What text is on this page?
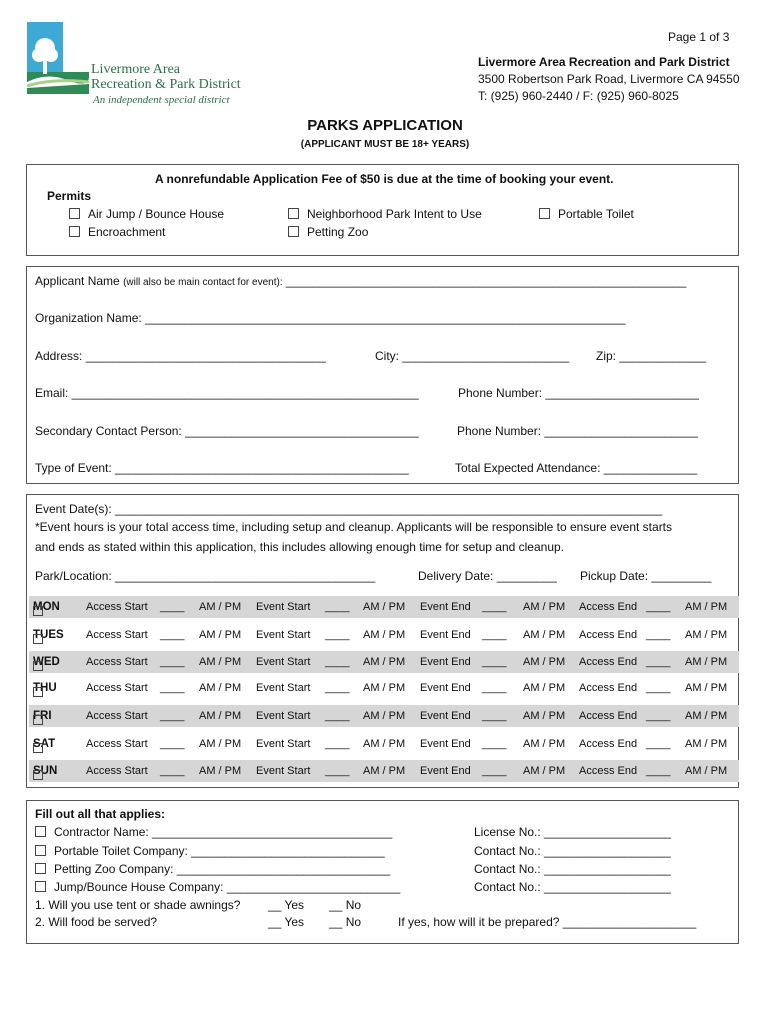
Page 1 of 3
Livermore Area
Recreation & Park District
An independent special district
Livermore Area Recreation and Park District
3500 Robertson Park Road, Livermore CA 94550
T: (925) 960-2440 / F: (925) 960-8025
PARKS APPLICATION
(APPLICANT MUST BE 18+ YEARS)
A nonrefundable Application Fee of $50 is due at the time of booking your event.
Permits
Air Jump / Bounce House
Encroachment
Neighborhood Park Intent to Use
Petting Zoo
Portable Toilet
Applicant Name (will also be main contact for event): ____________________________________________________________
Organization Name: ________________________________________________________________________
Address: ____________________________________	City: _________________________ Zip: _____________
Email: ____________________________________________________	Phone Number: _______________________
Secondary Contact Person: ___________________________________	Phone Number: _______________________
Type of Event: ____________________________________________	Total Expected Attendance: ______________
Event Date(s): __________________________________________________________________________________
*Event hours is your total access time, including setup and cleanup. Applicants will be responsible to ensure event starts
and ends as stated within this application, this includes allowing enough time for setup and cleanup.
Park/Location: _______________________________________	Delivery Date: _________ Pickup Date: _________
MON Access Start ____ AM / PM Event Start ____ AM / PM Event End ____ AM / PM Access End ____ AM / PM
TUES Access Start ____ AM / PM Event Start ____ AM / PM Event End ____ AM / PM Access End ____ AM / PM
WED Access Start ____ AM / PM Event Start ____ AM / PM Event End ____ AM / PM Access End ____ AM / PM
THU	Access Start ____ AM / PM Event Start ____ AM / PM Event End ____ AM / PM Access End ____ AM / PM
FRI	Access Start ____ AM / PM Event Start ____ AM / PM Event End ____ AM / PM Access End ____ AM / PM
SAT	Access Start ____ AM / PM Event Start ____ AM / PM Event End ____ AM / PM Access End ____ AM / PM
SUN	Access Start ____ AM / PM Event Start ____ AM / PM Event End ____ AM / PM Access End ____ AM / PM
Fill out all that applies:
Contractor Name: ____________________________________	License No.: ___________________
Portable Toilet Company: _____________________________	Contact No.: ___________________
Petting Zoo Company: ________________________________	Contact No.: ___________________
Jump/Bounce House Company: __________________________	Contact No.: ___________________
1. Will you use tent or shade awnings? __ Yes __ No
2. Will food be served?	__ Yes __ No	If yes, how will it be prepared? ____________________
